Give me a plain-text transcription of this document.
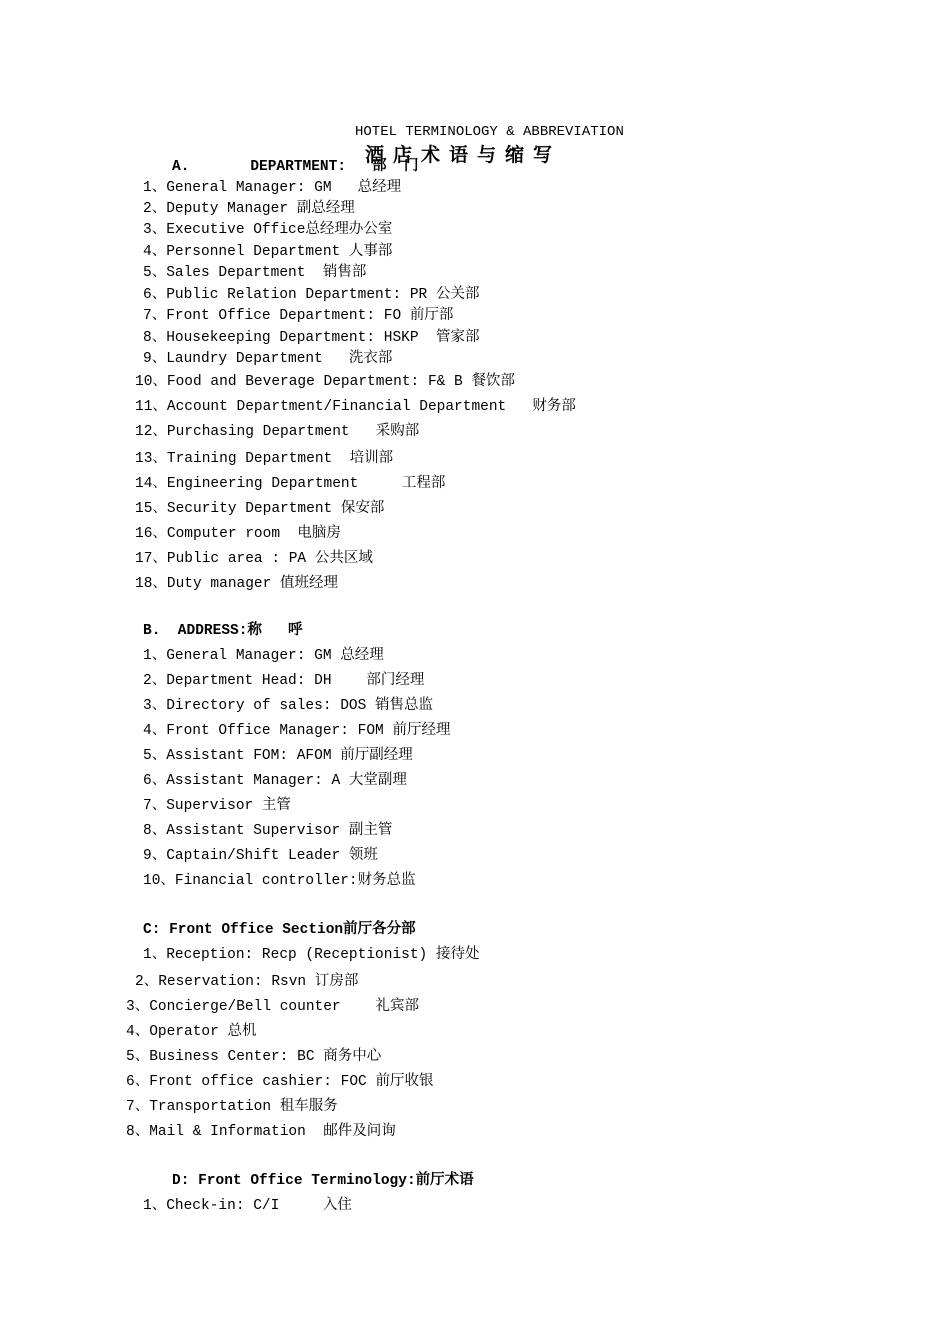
HOTEL TERMINOLOGY & ABBREVIATION
酒店术语与缩写
A.       DEPARTMENT:   部  门
1、General Manager: GM   总经理
2、Deputy Manager 副总经理
3、Executive Office总经理办公室
4、Personnel Department 人事部
5、Sales Department  销售部
6、Public Relation Department: PR 公关部
7、Front Office Department: FO 前厅部
8、Housekeeping Department: HSKP  管家部
9、Laundry Department   洗衣部
10、Food and Beverage Department: F& B 餐饮部
11、Account Department/Financial Department   财务部
12、Purchasing Department   采购部
13、Training Department  培训部
14、Engineering Department     工程部
15、Security Department 保安部
16、Computer room  电脑房
17、Public area : PA 公共区域
18、Duty manager 值班经理
B.  ADDRESS:称   呼
1、General Manager: GM 总经理
2、Department Head: DH    部门经理
3、Directory of sales: DOS 销售总监
4、Front Office Manager: FOM 前厅经理
5、Assistant FOM: AFOM 前厅副经理
6、Assistant Manager: A 大堂副理
7、Supervisor 主管
8、Assistant Supervisor 副主管
9、Captain/Shift Leader 领班
10、Financial controller:财务总监
C: Front Office Section前厅各分部
1、Reception: Recp (Receptionist) 接待处
2、Reservation: Rsvn 订房部
3、Concierge/Bell counter    礼宾部
4、Operator 总机
5、Business Center: BC 商务中心
6、Front office cashier: FOC 前厅收银
7、Transportation 租车服务
8、Mail & Information  邮件及问询
D: Front Office Terminology:前厅术语
1、Check-in: C/I     入住
